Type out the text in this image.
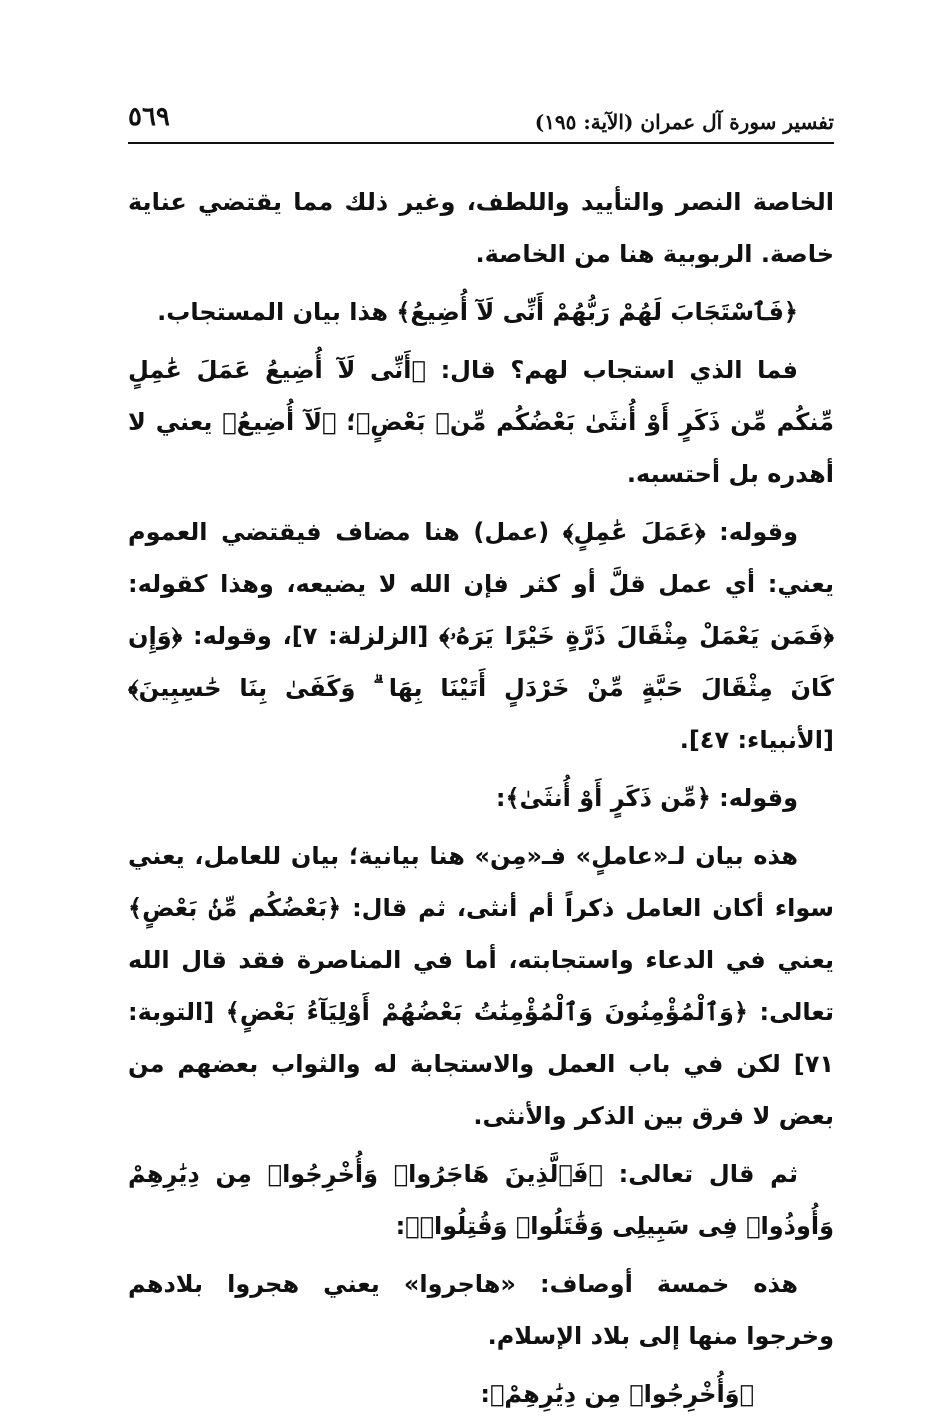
تفسير سورة آل عمران (الآية: ١٩٥)
٥٦٩

الخاصة النصر والتأييد واللطف، وغير ذلك مما يقتضي عناية خاصة. الربوبية هنا من الخاصة.

﴿فَٱسْتَجَابَ لَهُمْ رَبُّهُمْ أَنِّى لَآ أُضِيعُ﴾ هذا بيان المستجاب.

فما الذي استجاب لهم؟ قال: ﴿أَنِّى لَآ أُضِيعُ عَمَلَ عَٰمِلٍ مِّنكُم مِّن ذَكَرٍ أَوْ أُنثَىٰ بَعْضُكُم مِّنۢ بَعْضٍ﴾؛ ﴿لَآ أُضِيعُ﴾ يعني لا أهدره بل أحتسبه.

وقوله: ﴿عَمَلَ عَٰمِلٍ﴾ (عمل) هنا مضاف فيقتضي العموم يعني: أي عمل قلَّ أو كثر فإن الله لا يضيعه، وهذا كقوله: ﴿فَمَن يَعْمَلْ مِثْقَالَ ذَرَّةٍ خَيْرًا يَرَهُۥ﴾ [الزلزلة: ٧]، وقوله: ﴿وَإِن كَانَ مِثْقَالَ حَبَّةٍ مِّنْ خَرْدَلٍ أَتَيْنَا بِهَا ۗ وَكَفَىٰ بِنَا حَٰسِبِينَ﴾ [الأنبياء: ٤٧].

وقوله: ﴿مِّن ذَكَرٍ أَوْ أُنثَىٰ﴾:

هذه بيان لـ«عاملٍ» فـ«مِن» هنا بيانية؛ بيان للعامل، يعني سواء أكان العامل ذكراً أم أنثى، ثم قال: ﴿بَعْضُكُم مِّنۢ بَعْضٍ﴾ يعني في الدعاء واستجابته، أما في المناصرة فقد قال الله تعالى: ﴿وَٱلْمُؤْمِنُونَ وَٱلْمُؤْمِنَٰتُ بَعْضُهُمْ أَوْلِيَآءُ بَعْضٍ﴾ [التوبة: ٧١] لكن في باب العمل والاستجابة له والثواب بعضهم من بعض لا فرق بين الذكر والأنثى.

ثم قال تعالى: ﴿فَٱلَّذِينَ هَاجَرُوا۟ وَأُخْرِجُوا۟ مِن دِيَٰرِهِمْ وَأُوذُوا۟ فِى سَبِيلِى وَقَٰتَلُوا۟ وَقُتِلُوا۟﴾:

هذه خمسة أوصاف: «هاجروا» يعني هجروا بلادهم وخرجوا منها إلى بلاد الإسلام.

﴿وَأُخْرِجُوا۟ مِن دِيَٰرِهِمْ﴾:
